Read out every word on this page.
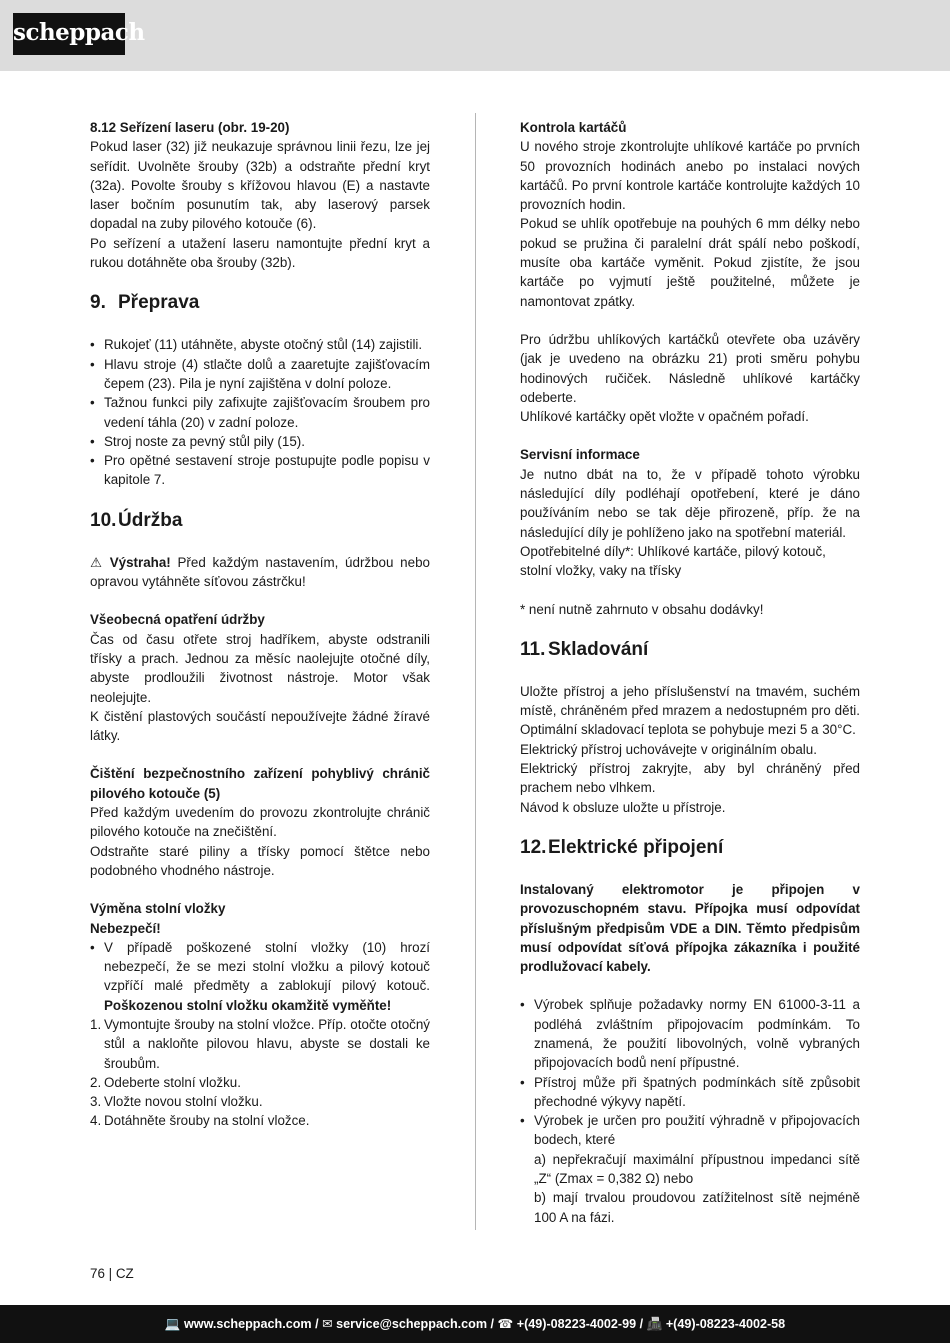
scheppach

8.12 Seřízení laseru (obr. 19-20)

Pokud laser (32) již neukazuje správnou linii řezu, lze jej seřídit. Uvolněte šrouby (32b) a odstraňte přední kryt (32a). Povolte šrouby s křížovou hlavou (E) a nastavte laser bočním posunutím tak, aby laserový parsek dopadal na zuby pilového kotouče (6).

Po seřízení a utažení laseru namontujte přední kryt a rukou dotáhněte oba šrouby (32b).

9. Přeprava
• Rukojeť (11) utáhněte, abyste otočný stůl (14) zajistili.
• Hlavu stroje (4) stlačte dolů a zaaretujte zajišťovacím čepem (23). Pila je nyní zajištěna v dolní poloze.
• Tažnou funkci pily zafixujte zajišťovacím šroubem pro vedení táhla (20) v zadní poloze.
• Stroj noste za pevný stůl pily (15).
• Pro opětné sestavení stroje postupujte podle popisu v kapitole 7.
10.Údržba

⚠ Výstraha! Před každým nastavením, údržbou nebo opravou vytáhněte síťovou zástrčku!

Všeobecná opatření údržby

Čas od času otřete stroj hadříkem, abyste odstranili třísky a prach. Jednou za měsíc naolejujte otočné díly, abyste prodloužili životnost nástroje. Motor však neolejujte.

K čistění plastových součástí nepoužívejte žádné žíravé látky.

Čištění bezpečnostního zařízení pohyblivý chránič pilového kotouče (5)

Před každým uvedením do provozu zkontrolujte chránič pilového kotouče na znečištění.

Odstraňte staré piliny a třísky pomocí štětce nebo podobného vhodného nástroje.

Výměna stolní vložky

Nebezpečí!

• V případě poškozené stolní vložky (10) hrozí nebezpečí, že se mezi stolní vložku a pilový kotouč vzpříčí malé předměty a zablokují pilový kotouč. Poškozenou stolní vložku okamžitě vyměňte!
1. Vymontujte šrouby na stolní vložce. Příp. otočte otočný stůl a nakloňte pilovou hlavu, abyste se dostali ke šroubům.
2. Odeberte stolní vložku.
3. Vložte novou stolní vložku.
4. Dotáhněte šrouby na stolní vložce.

Kontrola kartáčů

U nového stroje zkontrolujte uhlíkové kartáče po prvních 50 provozních hodinách anebo po instalaci nových kartáčů. Po první kontrole kartáče kontrolujte každých 10 provozních hodin.

Pokud se uhlík opotřebuje na pouhých 6 mm délky nebo pokud se pružina či paralelní drát spálí nebo poškodí, musíte oba kartáče vyměnit. Pokud zjistíte, že jsou kartáče po vyjmutí ještě použitelné, můžete je namontovat zpátky.

Pro údržbu uhlíkových kartáčků otevřete oba uzávěry (jak je uvedeno na obrázku 21) proti směru pohybu hodinových ručiček. Následně uhlíkové kartáčky odeberte.

Uhlíkové kartáčky opět vložte v opačném pořadí.

Servisní informace

Je nutno dbát na to, že v případě tohoto výrobku následující díly podléhají opotřebení, které je dáno používáním nebo se tak děje přirozeně, příp. že na následující díly je pohlíženo jako na spotřební materiál.

Opotřebitelné díly*: Uhlíkové kartáče, pilový kotouč, stolní vložky, vaky na třísky

* není nutně zahrnuto v obsahu dodávky!

11. Skladování

Uložte přístroj a jeho příslušenství na tmavém, suchém místě, chráněném před mrazem a nedostupném pro děti. Optimální skladovací teplota se pohybuje mezi 5 a 30°C.

Elektrický přístroj uchovávejte v originálním obalu.

Elektrický přístroj zakryjte, aby byl chráněný před prachem nebo vlhkem.

Návod k obsluze uložte u přístroje.

12.Elektrické připojení

Instalovaný elektromotor je připojen v provozuschopném stavu. Přípojka musí odpovídat příslušným předpisům VDE a DIN. Těmto předpisům musí odpovídat síťová přípojka zákazníka i použité prodlužovací kabely.

• Výrobek splňuje požadavky normy EN 61000-3-11 a podléhá zvláštním připojovacím podmínkám. To znamená, že použití libovolných, volně vybraných připojovacích bodů není přípustné.
• Přístroj může při špatných podmínkách sítě způsobit přechodné výkyvy napětí.
• Výrobek je určen pro použití výhradně v připojovacích bodech, které
a) nepřekračují maximální přípustnou impedanci sítě „Z“ (Zmax = 0,382 Ω) nebo
b) mají trvalou proudovou zatížitelnost sítě nejméně 100 A na fázi.
76 | CZ
💻 www.scheppach.com / ✉ service@scheppach.com / ☎ +(49)-08223-4002-99 / 📠 +(49)-08223-4002-58
